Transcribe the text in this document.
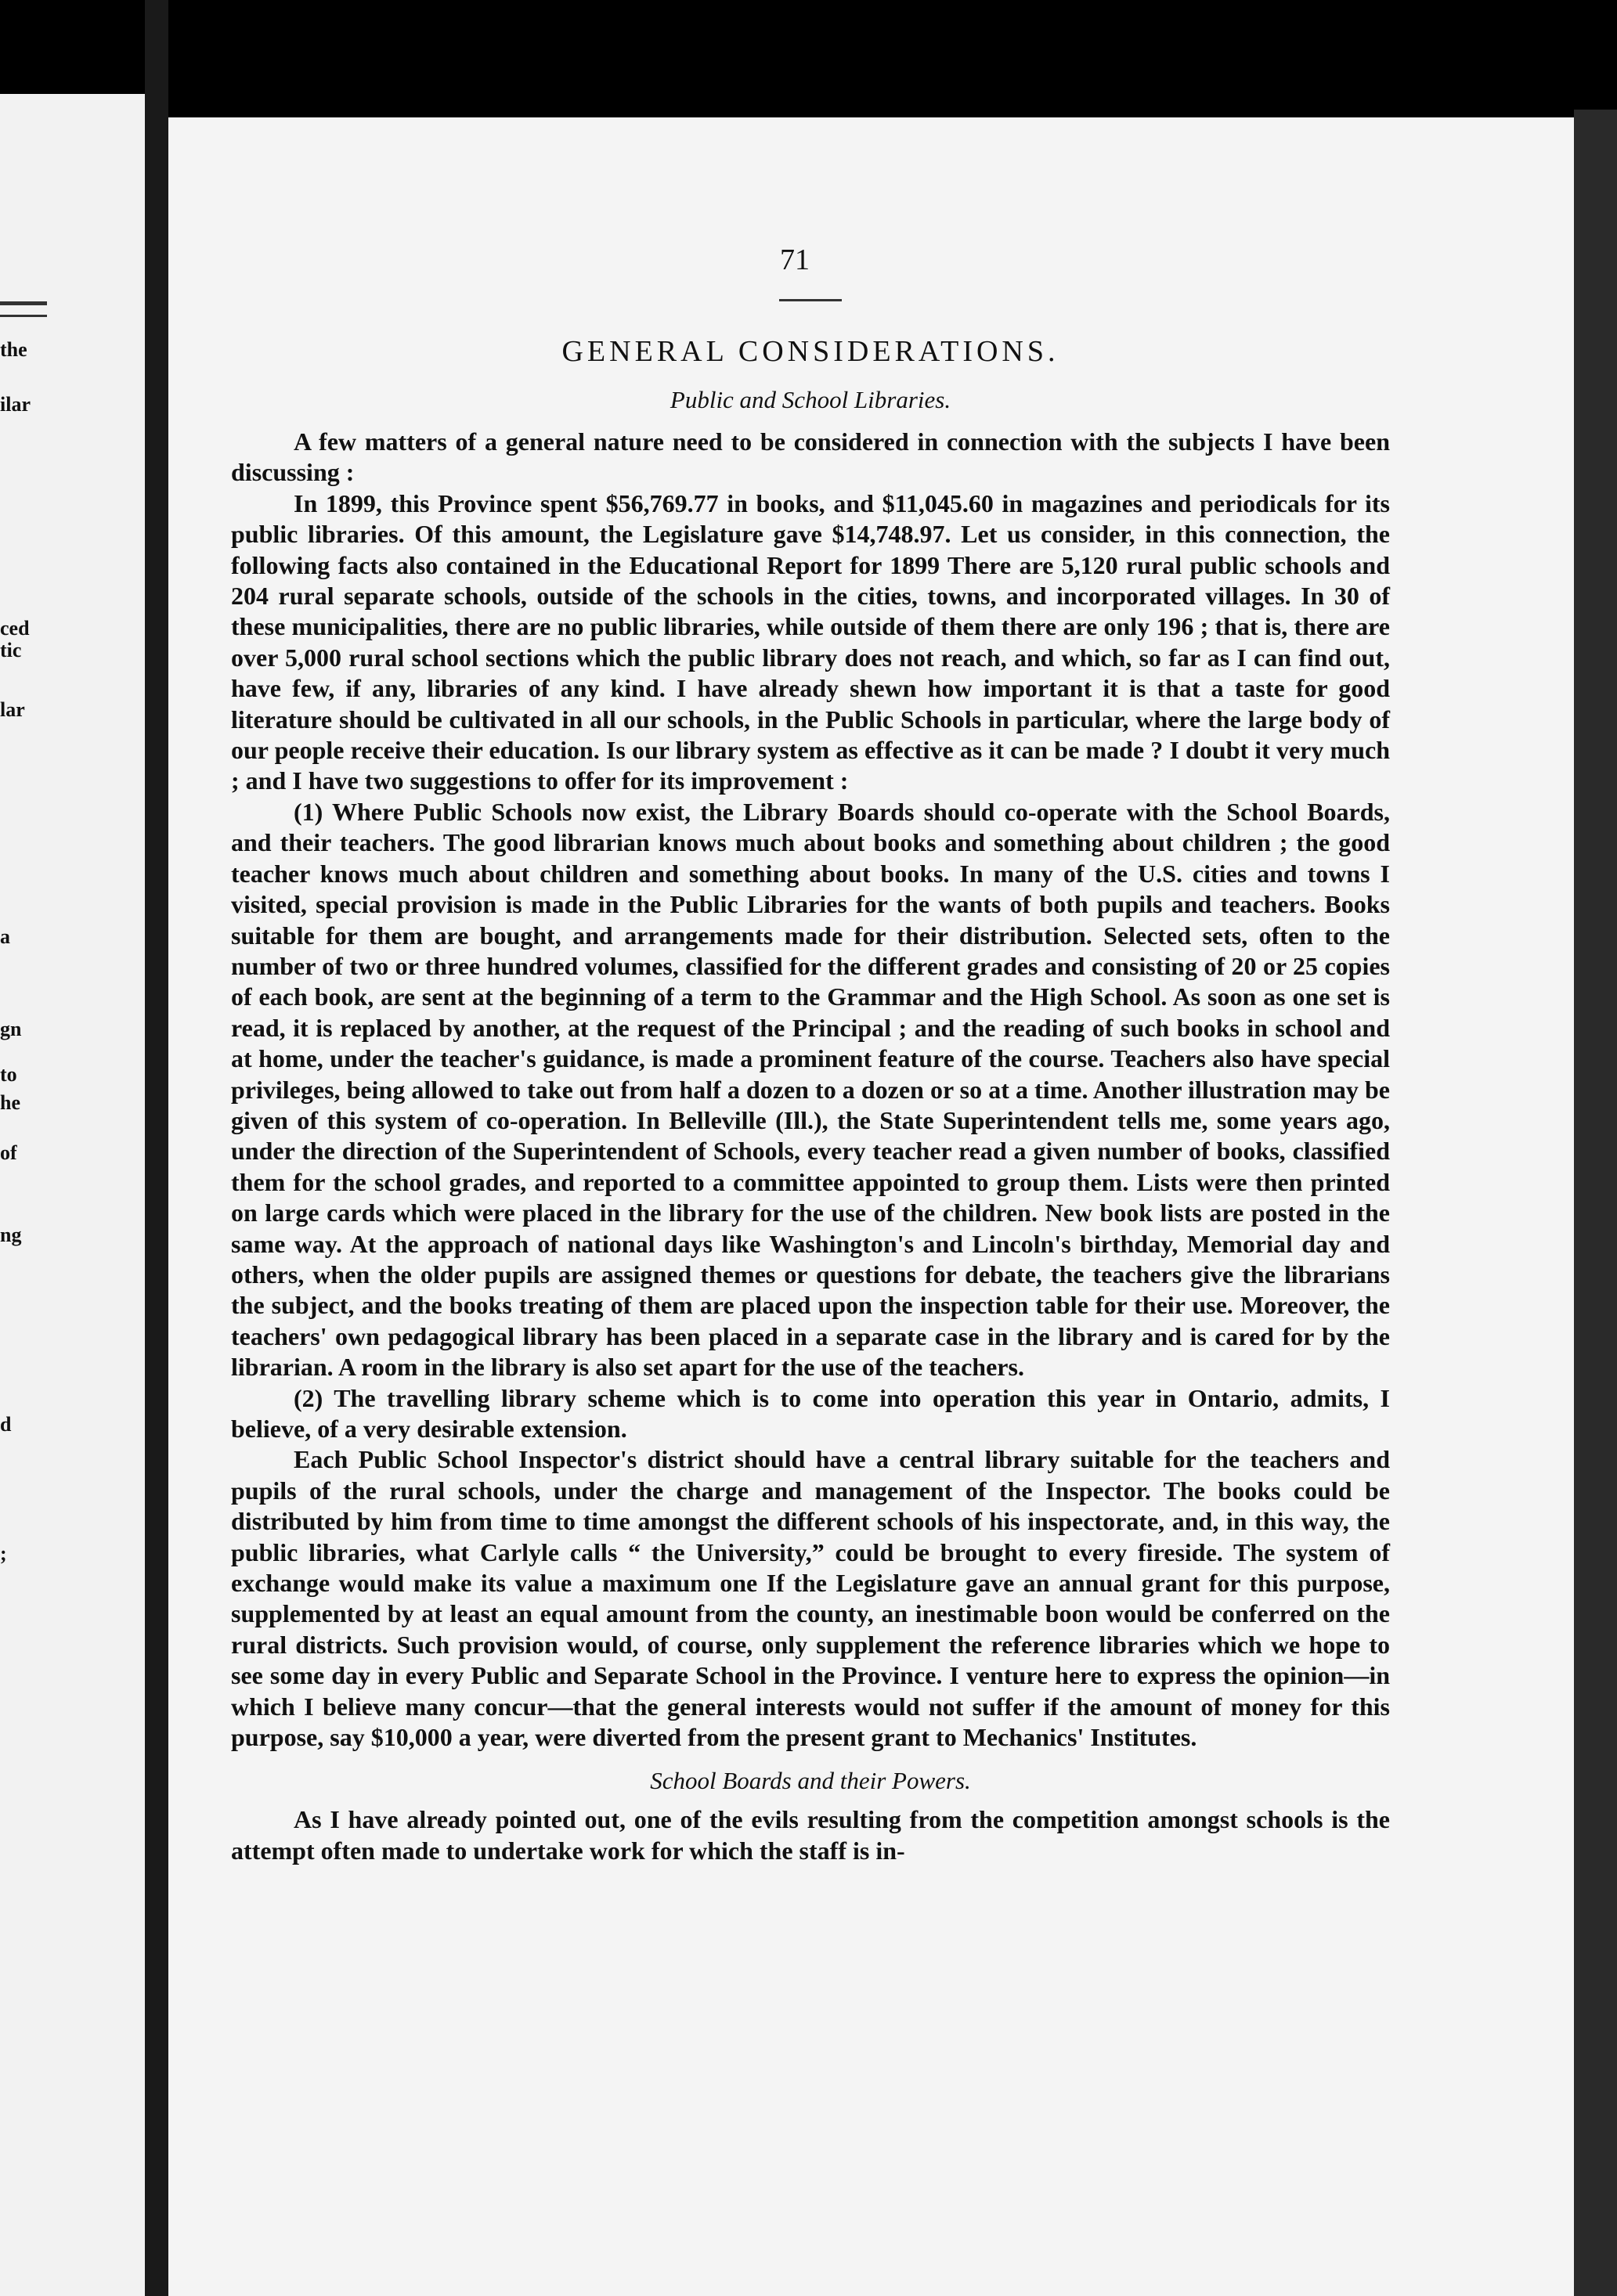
the
ilar
ced
tic
lar
a
gn
to
he
of
ng
d
;
71
GENERAL CONSIDERATIONS.
Public and School Libraries.

A few matters of a general nature need to be considered in connection with the subjects I have been discussing :

In 1899, this Province spent $56,769.77 in books, and $11,045.60 in magazines and periodicals for its public libraries. Of this amount, the Legislature gave $14,748.97. Let us consider, in this connection, the following facts also contained in the Educational Report for 1899 There are 5,120 rural public schools and 204 rural separate schools, outside of the schools in the cities, towns, and incorporated villages. In 30 of these municipalities, there are no public libraries, while outside of them there are only 196 ; that is, there are over 5,000 rural school sections which the public library does not reach, and which, so far as I can find out, have few, if any, libraries of any kind. I have already shewn how important it is that a taste for good literature should be cultivated in all our schools, in the Public Schools in particular, where the large body of our people receive their education. Is our library system as effective as it can be made ? I doubt it very much ; and I have two suggestions to offer for its improvement :

(1) Where Public Schools now exist, the Library Boards should co-operate with the School Boards, and their teachers. The good librarian knows much about books and something about children ; the good teacher knows much about children and something about books. In many of the U.S. cities and towns I visited, special provision is made in the Public Libraries for the wants of both pupils and teachers. Books suitable for them are bought, and arrangements made for their distribution. Selected sets, often to the number of two or three hundred volumes, classified for the different grades and consisting of 20 or 25 copies of each book, are sent at the beginning of a term to the Grammar and the High School. As soon as one set is read, it is replaced by another, at the request of the Principal ; and the reading of such books in school and at home, under the teacher's guidance, is made a prominent feature of the course. Teachers also have special privileges, being allowed to take out from half a dozen to a dozen or so at a time. Another illustration may be given of this system of co-operation. In Belleville (Ill.), the State Superintendent tells me, some years ago, under the direction of the Superintendent of Schools, every teacher read a given number of books, classified them for the school grades, and reported to a committee appointed to group them. Lists were then printed on large cards which were placed in the library for the use of the children. New book lists are posted in the same way. At the approach of national days like Washington's and Lincoln's birthday, Memorial day and others, when the older pupils are assigned themes or questions for debate, the teachers give the librarians the subject, and the books treating of them are placed upon the inspection table for their use. Moreover, the teachers' own pedagogical library has been placed in a separate case in the library and is cared for by the librarian. A room in the library is also set apart for the use of the teachers.

(2) The travelling library scheme which is to come into operation this year in Ontario, admits, I believe, of a very desirable extension.

Each Public School Inspector's district should have a central library suitable for the teachers and pupils of the rural schools, under the charge and management of the Inspector. The books could be distributed by him from time to time amongst the different schools of his inspectorate, and, in this way, the public libraries, what Carlyle calls “ the University,” could be brought to every fireside. The system of exchange would make its value a maximum one If the Legislature gave an annual grant for this purpose, supplemented by at least an equal amount from the county, an inestimable boon would be conferred on the rural districts. Such provision would, of course, only supplement the reference libraries which we hope to see some day in every Public and Separate School in the Province. I venture here to express the opinion—in which I believe many concur—that the general interests would not suffer if the amount of money for this purpose, say $10,000 a year, were diverted from the present grant to Mechanics' Institutes.

School Boards and their Powers.

As I have already pointed out, one of the evils resulting from the competition amongst schools is the attempt often made to undertake work for which the staff is in-
